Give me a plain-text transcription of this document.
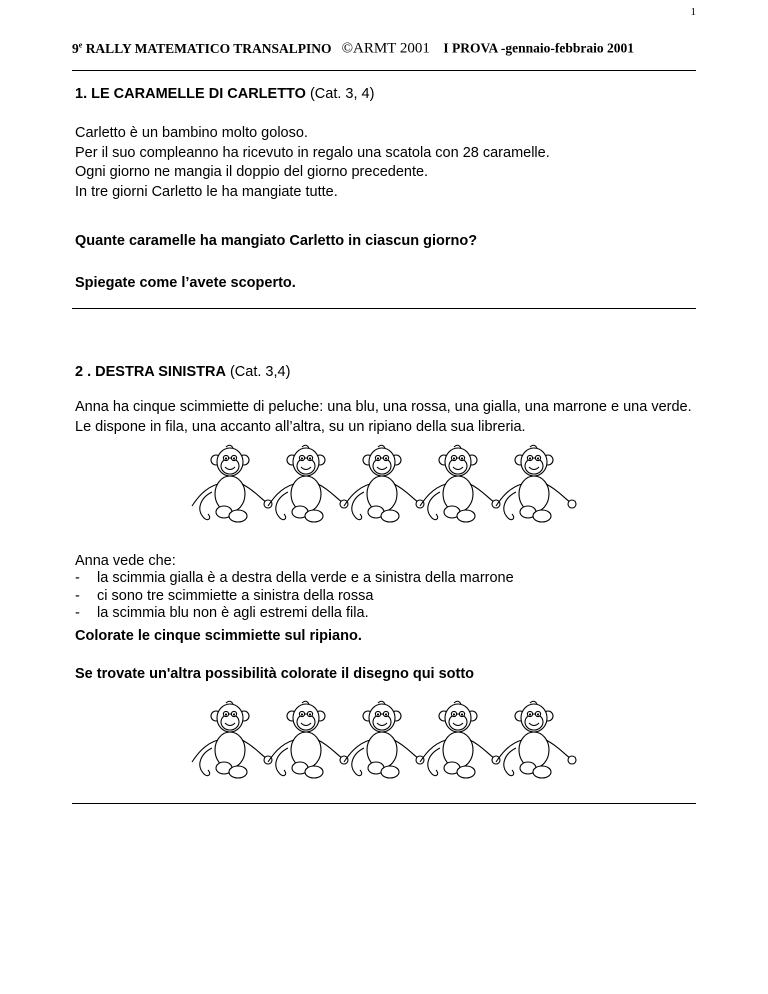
1
9e RALLY MATEMATICO TRANSALPINO ©ARMT 2001 I PROVA -gennaio-febbraio 2001
1. LE CARAMELLE DI CARLETTO (Cat. 3, 4)
Carletto è un bambino molto goloso.
Per il suo compleanno ha ricevuto in regalo una scatola con 28 caramelle.
Ogni giorno ne mangia il doppio del giorno precedente.
In tre giorni Carletto le ha mangiate tutte.
Quante caramelle ha mangiato Carletto in ciascun giorno?
Spiegate come l’avete scoperto.
2 . DESTRA SINISTRA (Cat. 3,4)
Anna ha cinque scimmiette di peluche: una blu, una rossa, una gialla, una marrone e una verde. Le dispone in fila, una accanto all’altra, su un ripiano della sua libreria.
Anna vede che:
- la scimmia gialla è a destra della verde e a sinistra della marrone
- ci sono tre scimmiette a sinistra della rossa
- la scimmia blu non è agli estremi della fila.
Colorate le cinque scimmiette sul ripiano.
Se trovate un'altra possibilità colorate il disegno qui sotto
